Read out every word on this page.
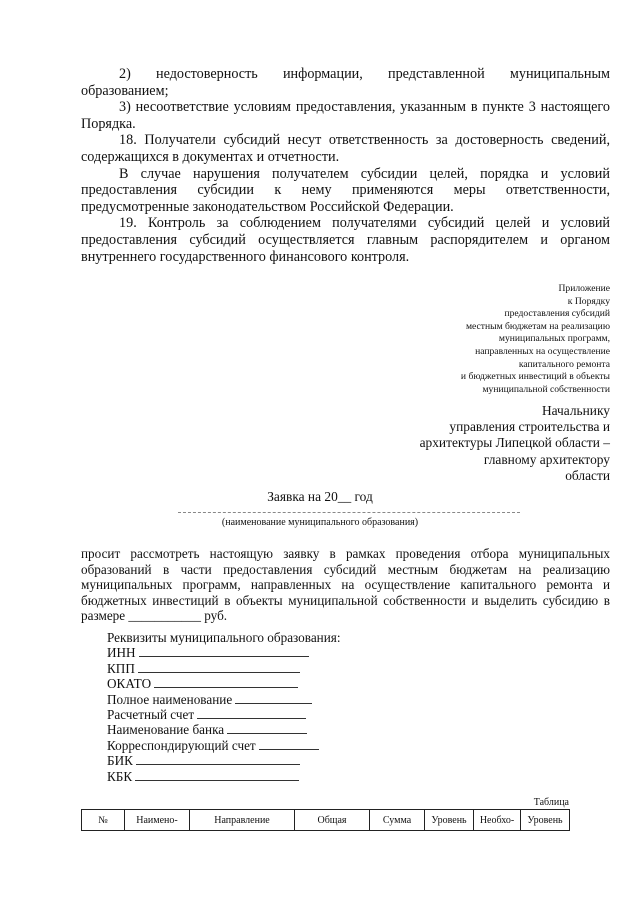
2)      недостоверность      информации,      представленной      муниципальным

образованием;

3) несоответствие условиям предоставления, указанным в пункте 3 настоящего Порядка.

18. Получатели субсидий несут ответственность за достоверность сведений, содержащихся в документах и отчетности.

В случае нарушения получателем субсидии целей, порядка и условий предоставления субсидии к нему применяются меры ответственности, предусмотренные законодательством Российской Федерации.

19. Контроль за соблюдением получателями субсидий целей и условий предоставления субсидий осуществляется главным распорядителем и органом внутреннего государственного финансового контроля.

Приложение
к Порядку
предоставления субсидий
местным бюджетам на реализацию
муниципальных программ,
направленных на осуществление
капитального ремонта
и бюджетных инвестиций в объекты
муниципальной собственности
Начальнику
управления строительства и
архитектуры Липецкой области –
главному архитектору
области
Заявка на 20__ год
(наименование муниципального образования)

просит рассмотреть настоящую заявку в рамках проведения отбора муниципальных образований в части предоставления субсидий местным бюджетам на реализацию муниципальных программ, направленных на осуществление капитального ремонта и бюджетных инвестиций в объекты муниципальной собственности и выделить субсидию в размере ___________ руб.

Реквизиты муниципального образования:
ИНН
КПП
ОКАТО
Полное наименование
Расчетный счет
Наименование банка
Корреспондирующий счет
БИК
КБК
Таблица
№	Наимено-	Направление	Общая	Сумма	Уровень	Необхо-	Уровень
